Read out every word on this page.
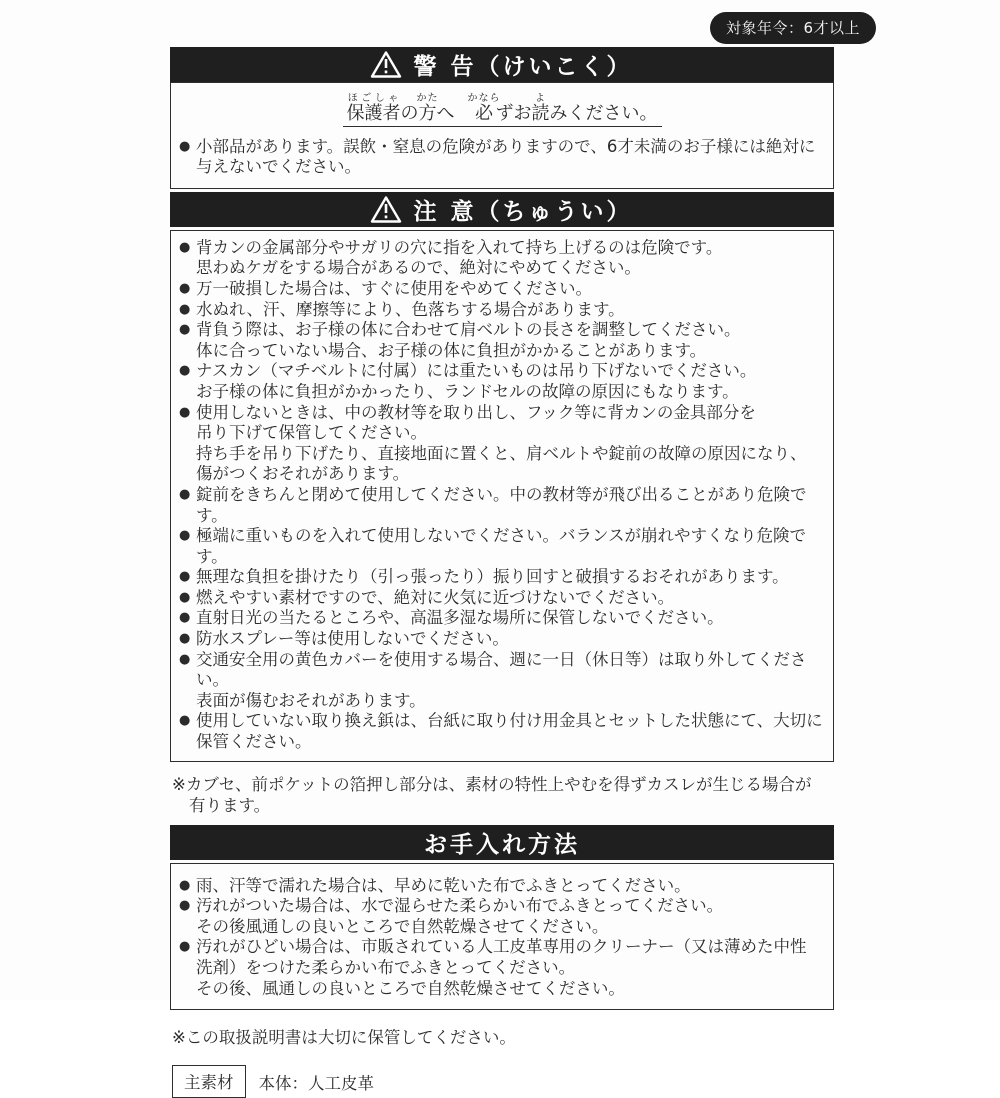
対象年令：6才以上
警 告（けいこく）
保護者ほごしゃの方かたへ　必かならずお読よみください。
● 小部品があります。誤飲・窒息の危険がありますので、6才未満のお子様には絶対に
与えないでください。
注 意（ちゅうい）
● 背カンの金属部分やサガリの穴に指を入れて持ち上げるのは危険です。
思わぬケガをする場合があるので、絶対にやめてください。
● 万一破損した場合は、すぐに使用をやめてください。
● 水ぬれ、汗、摩擦等により、色落ちする場合があります。
● 背負う際は、お子様の体に合わせて肩ベルトの長さを調整してください。
体に合っていない場合、お子様の体に負担がかかることがあります。
● ナスカン（マチベルトに付属）には重たいものは吊り下げないでください。
お子様の体に負担がかかったり、ランドセルの故障の原因にもなります。
● 使用しないときは、中の教材等を取り出し、フック等に背カンの金具部分を
吊り下げて保管してください。
持ち手を吊り下げたり、直接地面に置くと、肩ベルトや錠前の故障の原因になり、
傷がつくおそれがあります。
● 錠前をきちんと閉めて使用してください。中の教材等が飛び出ることがあり危険です。
● 極端に重いものを入れて使用しないでください。バランスが崩れやすくなり危険です。
● 無理な負担を掛けたり（引っ張ったり）振り回すと破損するおそれがあります。
● 燃えやすい素材ですので、絶対に火気に近づけないでください。
● 直射日光の当たるところや、高温多湿な場所に保管しないでください。
● 防水スプレー等は使用しないでください。
● 交通安全用の黄色カバーを使用する場合、週に一日（休日等）は取り外してください。
表面が傷むおそれがあります。
● 使用していない取り換え鋲は、台紙に取り付け用金具とセットした状態にて、大切に
保管ください。
※カブセ、前ポケットの箔押し部分は、素材の特性上やむを得ずカスレが生じる場合が
有ります。
お手入れ方法
● 雨、汗等で濡れた場合は、早めに乾いた布でふきとってください。
● 汚れがついた場合は、水で湿らせた柔らかい布でふきとってください。
その後風通しの良いところで自然乾燥させてください。
● 汚れがひどい場合は、市販されている人工皮革専用のクリーナー（又は薄めた中性
洗剤）をつけた柔らかい布でふきとってください。
その後、風通しの良いところで自然乾燥させてください。
※この取扱説明書は大切に保管してください。
主素材	本体：人工皮革
